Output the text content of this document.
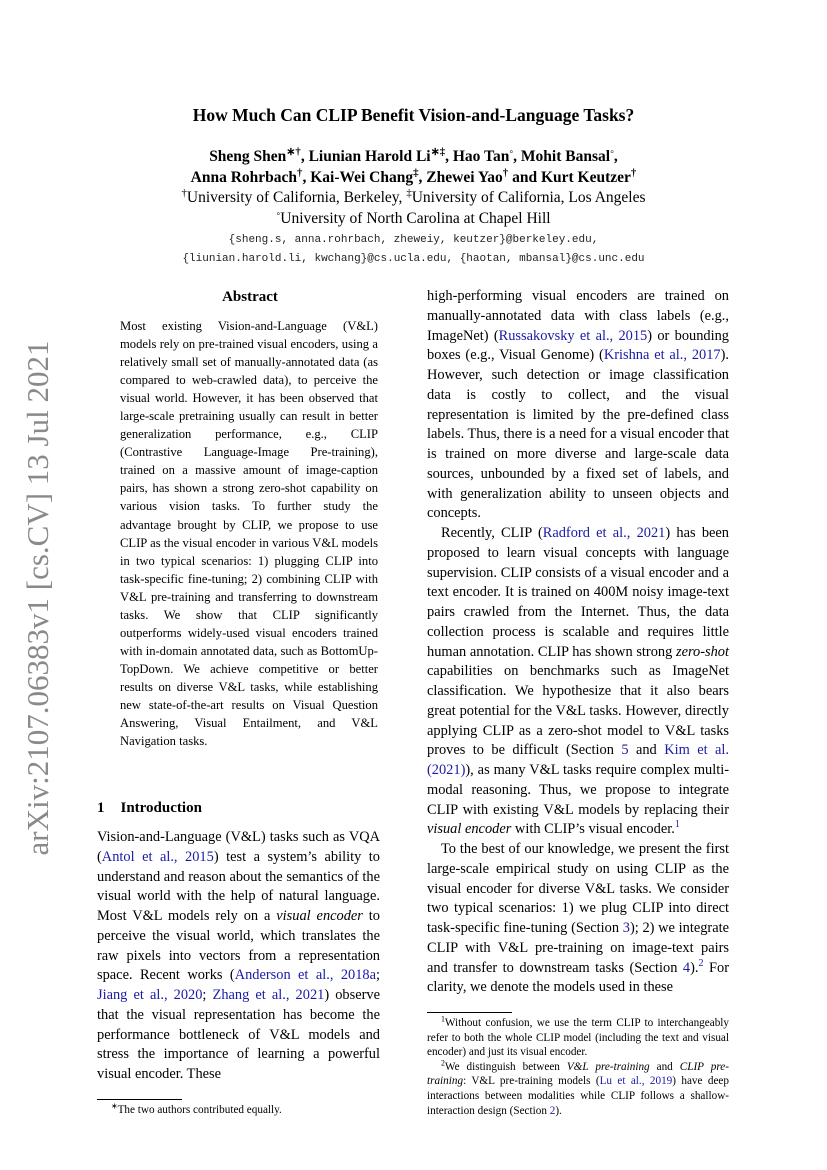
arXiv:2107.06383v1 [cs.CV] 13 Jul 2021
How Much Can CLIP Benefit Vision-and-Language Tasks?
Sheng Shen∗†, Liunian Harold Li∗‡, Hao Tan◦, Mohit Bansal◦,
Anna Rohrbach†, Kai-Wei Chang‡, Zhewei Yao† and Kurt Keutzer†
†University of California, Berkeley, ‡University of California, Los Angeles
◦University of North Carolina at Chapel Hill
{sheng.s, anna.rohrbach, zheweiy, keutzer}@berkeley.edu,
{liunian.harold.li, kwchang}@cs.ucla.edu, {haotan, mbansal}@cs.unc.edu
Abstract
Most existing Vision-and-Language (V&L) models rely on pre-trained visual encoders, using a relatively small set of manually-annotated data (as compared to web-crawled data), to perceive the visual world. However, it has been observed that large-scale pretraining usually can result in better generalization performance, e.g., CLIP (Contrastive Language-Image Pre-training), trained on a massive amount of image-caption pairs, has shown a strong zero-shot capability on various vision tasks. To further study the advantage brought by CLIP, we propose to use CLIP as the visual encoder in various V&L models in two typical scenarios: 1) plugging CLIP into task-specific fine-tuning; 2) combining CLIP with V&L pre-training and transferring to downstream tasks. We show that CLIP significantly outperforms widely-used visual encoders trained with in-domain annotated data, such as BottomUp-TopDown. We achieve competitive or better results on diverse V&L tasks, while establishing new state-of-the-art results on Visual Question Answering, Visual Entailment, and V&L Navigation tasks.
1 Introduction

Vision-and-Language (V&L) tasks such as VQA (Antol et al., 2015) test a system’s ability to understand and reason about the semantics of the visual world with the help of natural language. Most V&L models rely on a visual encoder to perceive the visual world, which translates the raw pixels into vectors from a representation space. Recent works (Anderson et al., 2018a; Jiang et al., 2020; Zhang et al., 2021) observe that the visual representation has become the performance bottleneck of V&L models and stress the importance of learning a powerful visual encoder. These

∗The two authors contributed equally.

high-performing visual encoders are trained on manually-annotated data with class labels (e.g., ImageNet) (Russakovsky et al., 2015) or bounding boxes (e.g., Visual Genome) (Krishna et al., 2017). However, such detection or image classification data is costly to collect, and the visual representation is limited by the pre-defined class labels. Thus, there is a need for a visual encoder that is trained on more diverse and large-scale data sources, unbounded by a fixed set of labels, and with generalization ability to unseen objects and concepts.

Recently, CLIP (Radford et al., 2021) has been proposed to learn visual concepts with language supervision. CLIP consists of a visual encoder and a text encoder. It is trained on 400M noisy image-text pairs crawled from the Internet. Thus, the data collection process is scalable and requires little human annotation. CLIP has shown strong zero-shot capabilities on benchmarks such as ImageNet classification. We hypothesize that it also bears great potential for the V&L tasks. However, directly applying CLIP as a zero-shot model to V&L tasks proves to be difficult (Section 5 and Kim et al. (2021)), as many V&L tasks require complex multi-modal reasoning. Thus, we propose to integrate CLIP with existing V&L models by replacing their visual encoder with CLIP’s visual encoder.$^1$

To the best of our knowledge, we present the first large-scale empirical study on using CLIP as the visual encoder for diverse V&L tasks. We consider two typical scenarios: 1) we plug CLIP into direct task-specific fine-tuning (Section 3); 2) we integrate CLIP with V&L pre-training on image-text pairs and transfer to downstream tasks (Section 4).$^2$ For clarity, we denote the models used in these

$^1$Without confusion, we use the term CLIP to interchangeably refer to both the whole CLIP model (including the text and visual encoder) and just its visual encoder.

$^2$We distinguish between V&L pre-training and CLIP pre-training: V&L pre-training models (Lu et al., 2019) have deep interactions between modalities while CLIP follows a shallow-interaction design (Section 2).
